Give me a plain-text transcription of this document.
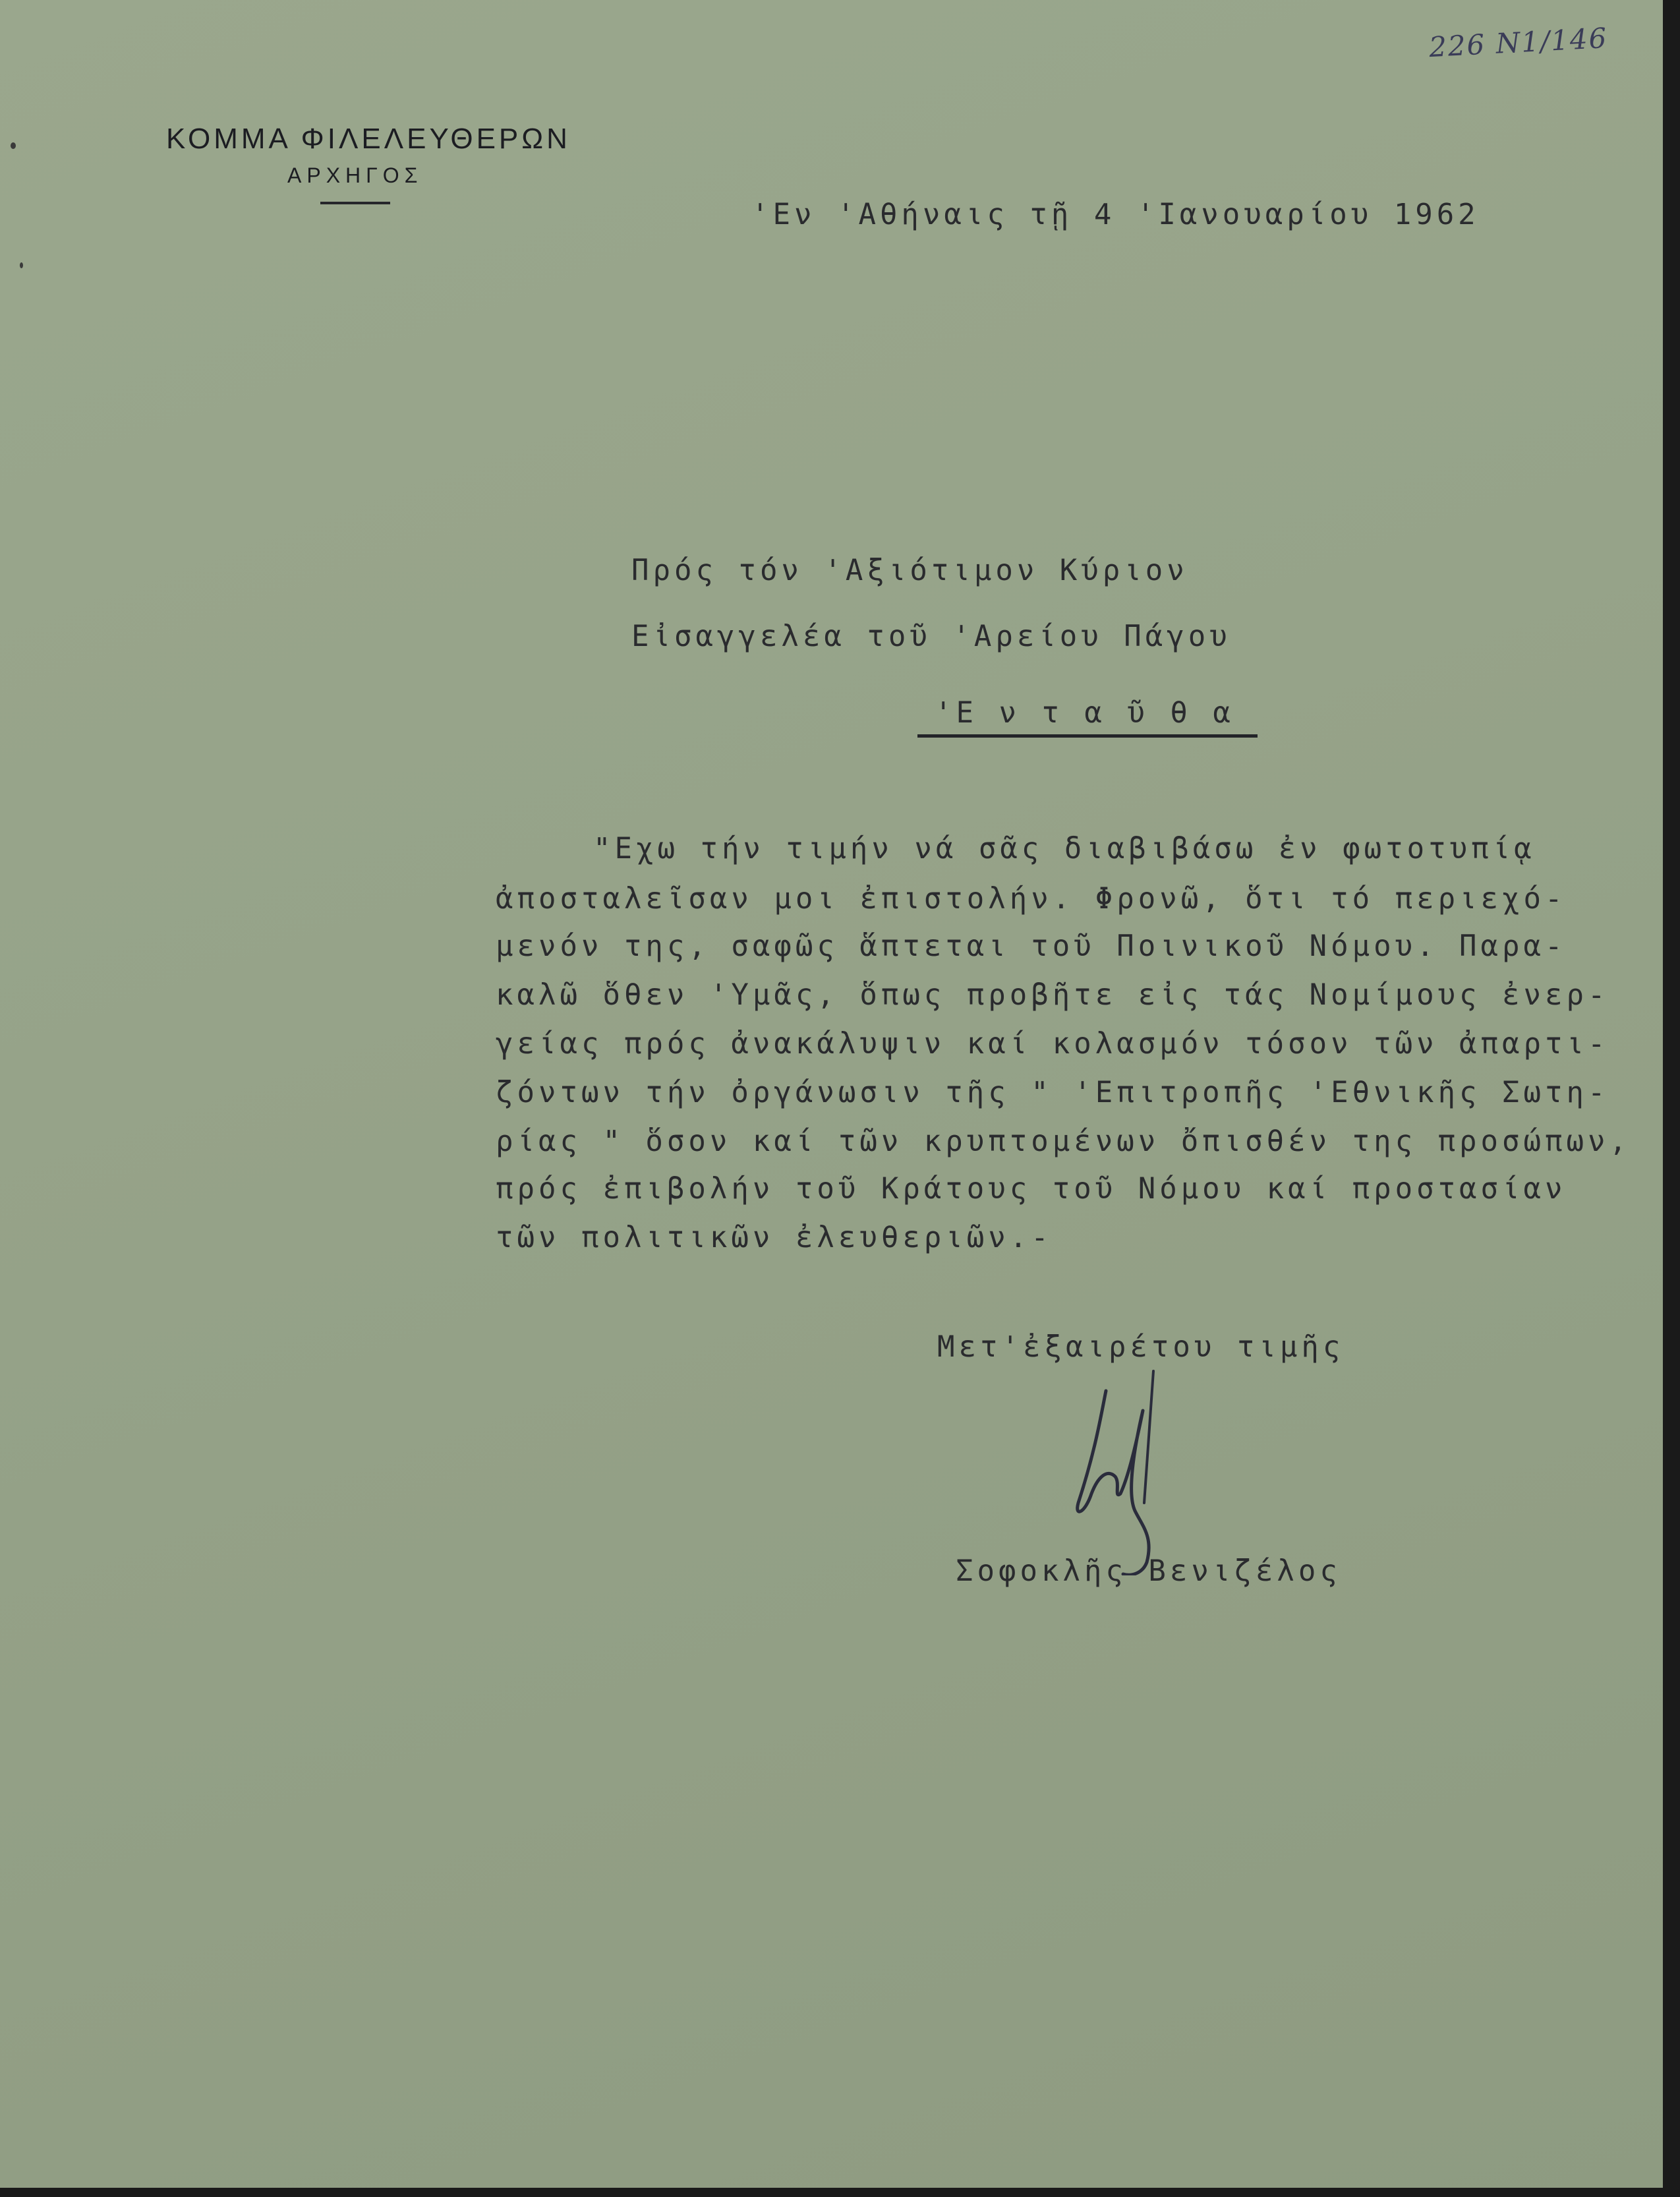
226 Ν1/146
ΚΟΜΜΑ ΦΙΛΕΛΕΥΘΕΡΩΝ
ΑΡΧΗΓΟΣ
'Εν 'Αθήναις τῇ 4 'Ιανουαρίου 1962
Πρός τόν 'Αξιότιμον Κύριον
Εἰσαγγελέα τοῦ 'Αρείου Πάγου
'Ε ν τ α ῦ θ α
"Εχω τήν τιμήν νά σᾶς διαβιβάσω ἐν φωτοτυπίᾳ
ἀποσταλεῖσαν μοι ἐπιστολήν. Φρονῶ, ὅτι τό περιεχό-
μενόν της, σαφῶς ἅπτεται τοῦ Ποινικοῦ Νόμου. Παρα-
καλῶ ὅθεν 'Υμᾶς, ὅπως προβῆτε εἰς τάς Νομίμους ἐνερ-
γείας πρός ἀνακάλυψιν καί κολασμόν τόσον τῶν ἀπαρτι-
ζόντων τήν ὀργάνωσιν τῆς " 'Επιτροπῆς 'Εθνικῆς Σωτη-
ρίας " ὅσον καί τῶν κρυπτομένων ὄπισθέν της προσώπων,
πρός ἐπιβολήν τοῦ Κράτους τοῦ Νόμου καί προστασίαν
τῶν πολιτικῶν ἐλευθεριῶν.-
Μετ'ἐξαιρέτου τιμῆς
Σοφοκλῆς Βενιζέλος
